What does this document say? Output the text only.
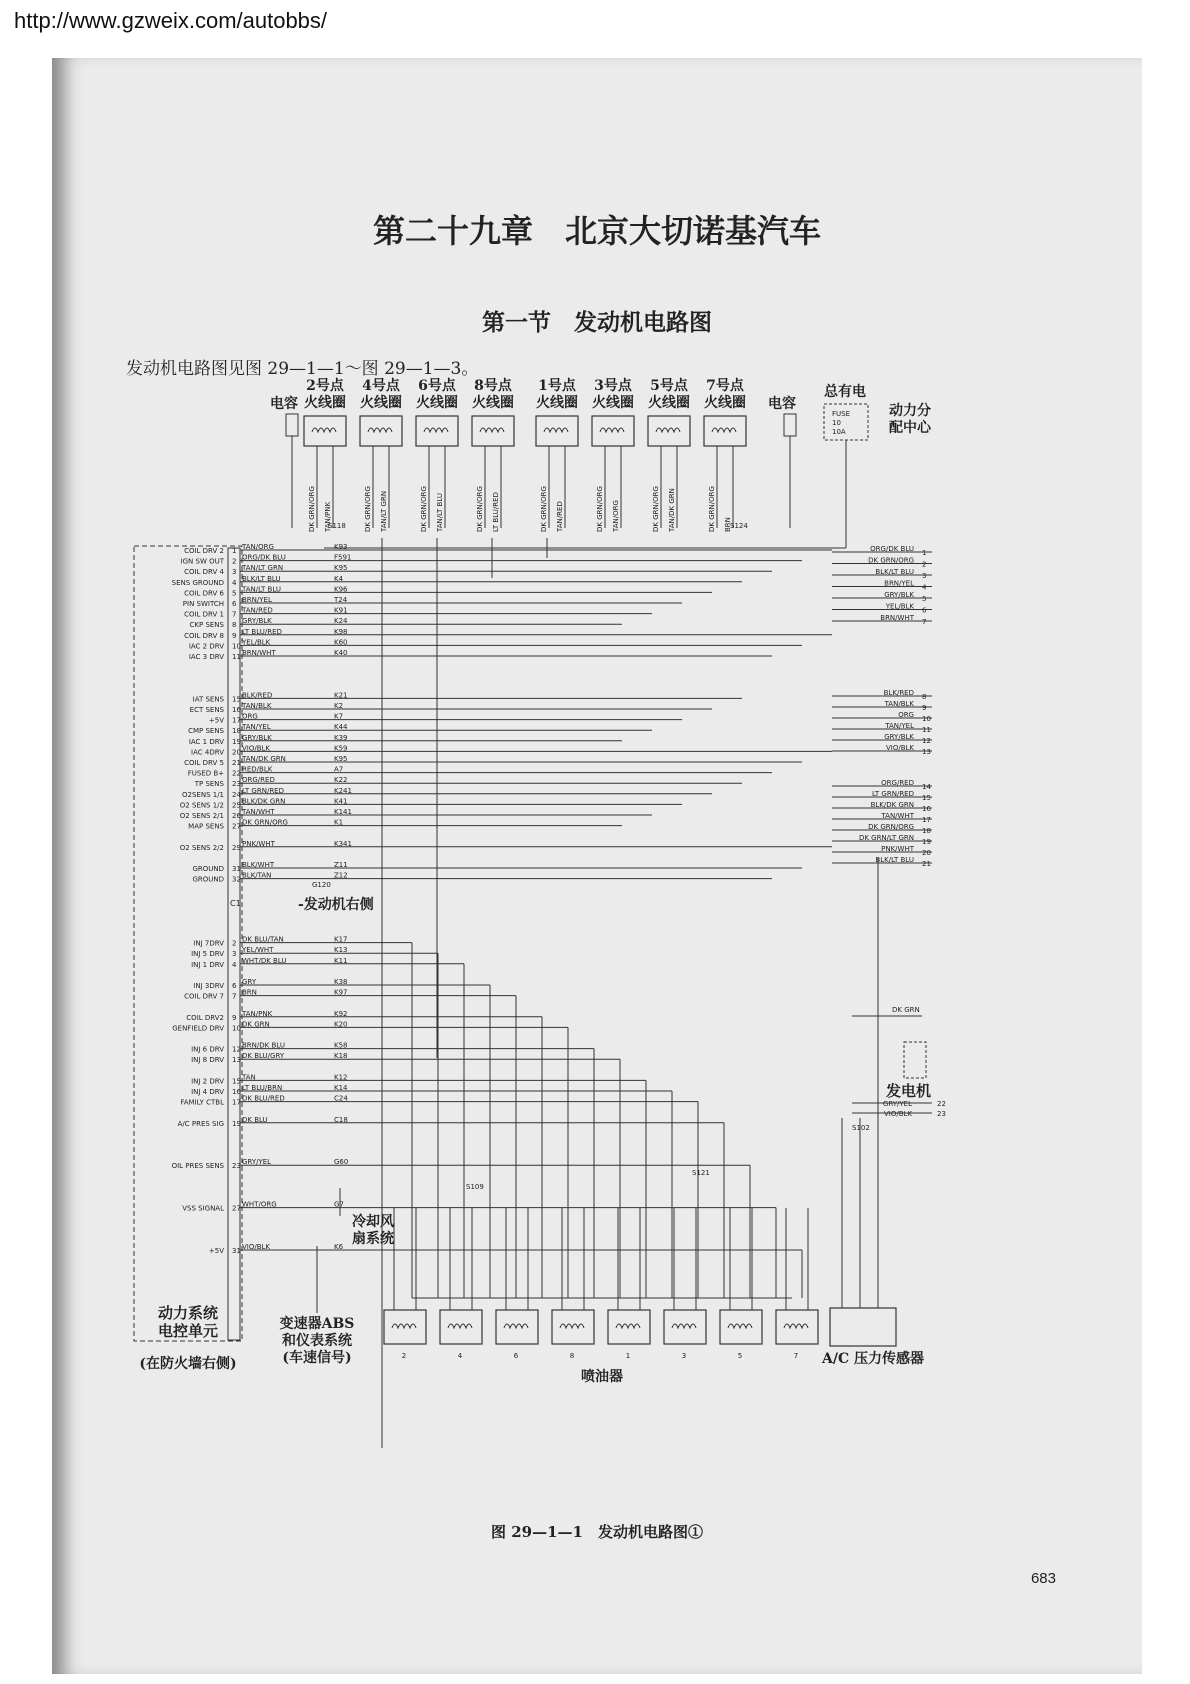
http://www.gzweix.com/autobbs/
第二十九章　北京大切诺基汽车
第一节　发动机电路图
发动机电路图见图 29—1—1～图 29—1—3。
2号点
火线圈
DK GRN/ORG TAN/PNK
4号点
火线圈
DK GRN/ORG TAN/LT GRN
6号点
火线圈
DK GRN/ORG TAN/LT BLU
8号点
火线圈
DK GRN/ORG LT BLU/RED
1号点
火线圈
DK GRN/ORG TAN/RED
3号点
火线圈
DK GRN/ORG TAN/ORG
5号点
火线圈
DK GRN/ORG TAN/DK GRN
7号点
火线圈
DK GRN/ORG BRN
电容	电容
总有电
FUSE
10
10A
动力分
配中心
S118	S124
COIL DRV 2 1 TAN/ORG	K93
IGN SW OUT 2 ORG/DK BLU	F591
COIL DRV 4 3 TAN/LT GRN	K95
SENS GROUND 4 BLK/LT BLU	K4
COIL DRV 6 5 TAN/LT BLU	K96
PIN SWITCH 6 BRN/YEL	T24
COIL DRV 1 7 TAN/RED	K91
CKP SENS 8 GRY/BLK	K24
COIL DRV 8 9 LT BLU/RED	K98
IAC 2 DRV 10 YEL/BLK	K60
IAC 3 DRV 11 BRN/WHT	K40
IAT SENS 15 BLK/RED	K21
ECT SENS 16 TAN/BLK	K2
+5V 17 ORG	K7
CMP SENS 18 TAN/YEL	K44
IAC 1 DRV 19 GRY/BLK	K39
IAC 4DRV 20 VIO/BLK	K59
COIL DRV 5 21 TAN/DK GRN	K95
FUSED B+ 22 RED/BLK	A7
TP SENS 23 ORG/RED	K22
O2SENS 1/1 24 LT GRN/RED	K241
O2 SENS 1/2 25 BLK/DK GRN	K41
O2 SENS 2/1 26 TAN/WHT	K141
MAP SENS 27 DK GRN/ORG	K1
O2 SENS 2/2 29 PNK/WHT	K341
GROUND 31 BLK/WHT	Z11
GROUND 32 BLK/TAN	Z12
INJ 7DRV 2 DK BLU/TAN	K17
INJ 5 DRV 3 YEL/WHT	K13
INJ 1 DRV 4 WHT/DK BLU	K11
INJ 3DRV 6 GRY	K38
COIL DRV 7 7 BRN	K97
COIL DRV2 9 TAN/PNK	K92
GENFIELD DRV 10 DK GRN	K20
INJ 6 DRV 12 BRN/DK BLU	K58
INJ 8 DRV 13 DK BLU/GRY	K18
INJ 2 DRV 15 TAN	K12
INJ 4 DRV 16 LT BLU/BRN	K14
FAMILY CTBL 17 DK BLU/RED	C24
A/C PRES SIG 19 DK BLU	C18
OIL PRES SENS 23 GRY/YEL	G60
VSS SIGNAL 27 WHT/ORG	G7
+5V 31 VIO/BLK	K6
C1
G120
-发动机右侧
ORG/DK BLU 1
DK GRN/ORG 2
BLK/LT BLU 3
BRN/YEL 4
GRY/BLK 5
YEL/BLK 6
BRN/WHT 7
BLK/RED 8
TAN/BLK 9
ORG 10
TAN/YEL 11
GRY/BLK 12
VIO/BLK 13
ORG/RED 14
LT GRN/RED 15
BLK/DK GRN 16
TAN/WHT 17
DK GRN/ORG 18
DK GRN/LT GRN 19
PNK/WHT 20
BLK/LT BLU 21
DK GRN
发电机
GRY/YEL	22
VIO/BLK	23
S102
冷却风
扇系统
变速器ABS
和仪表系统
(车速信号)
S109
S121
2	4	6	8	1	3	5	7
喷油器
A/C 压力传感器
动力系统
电控单元
(在防火墙右侧)
图 29—1—1　发动机电路图①
683
